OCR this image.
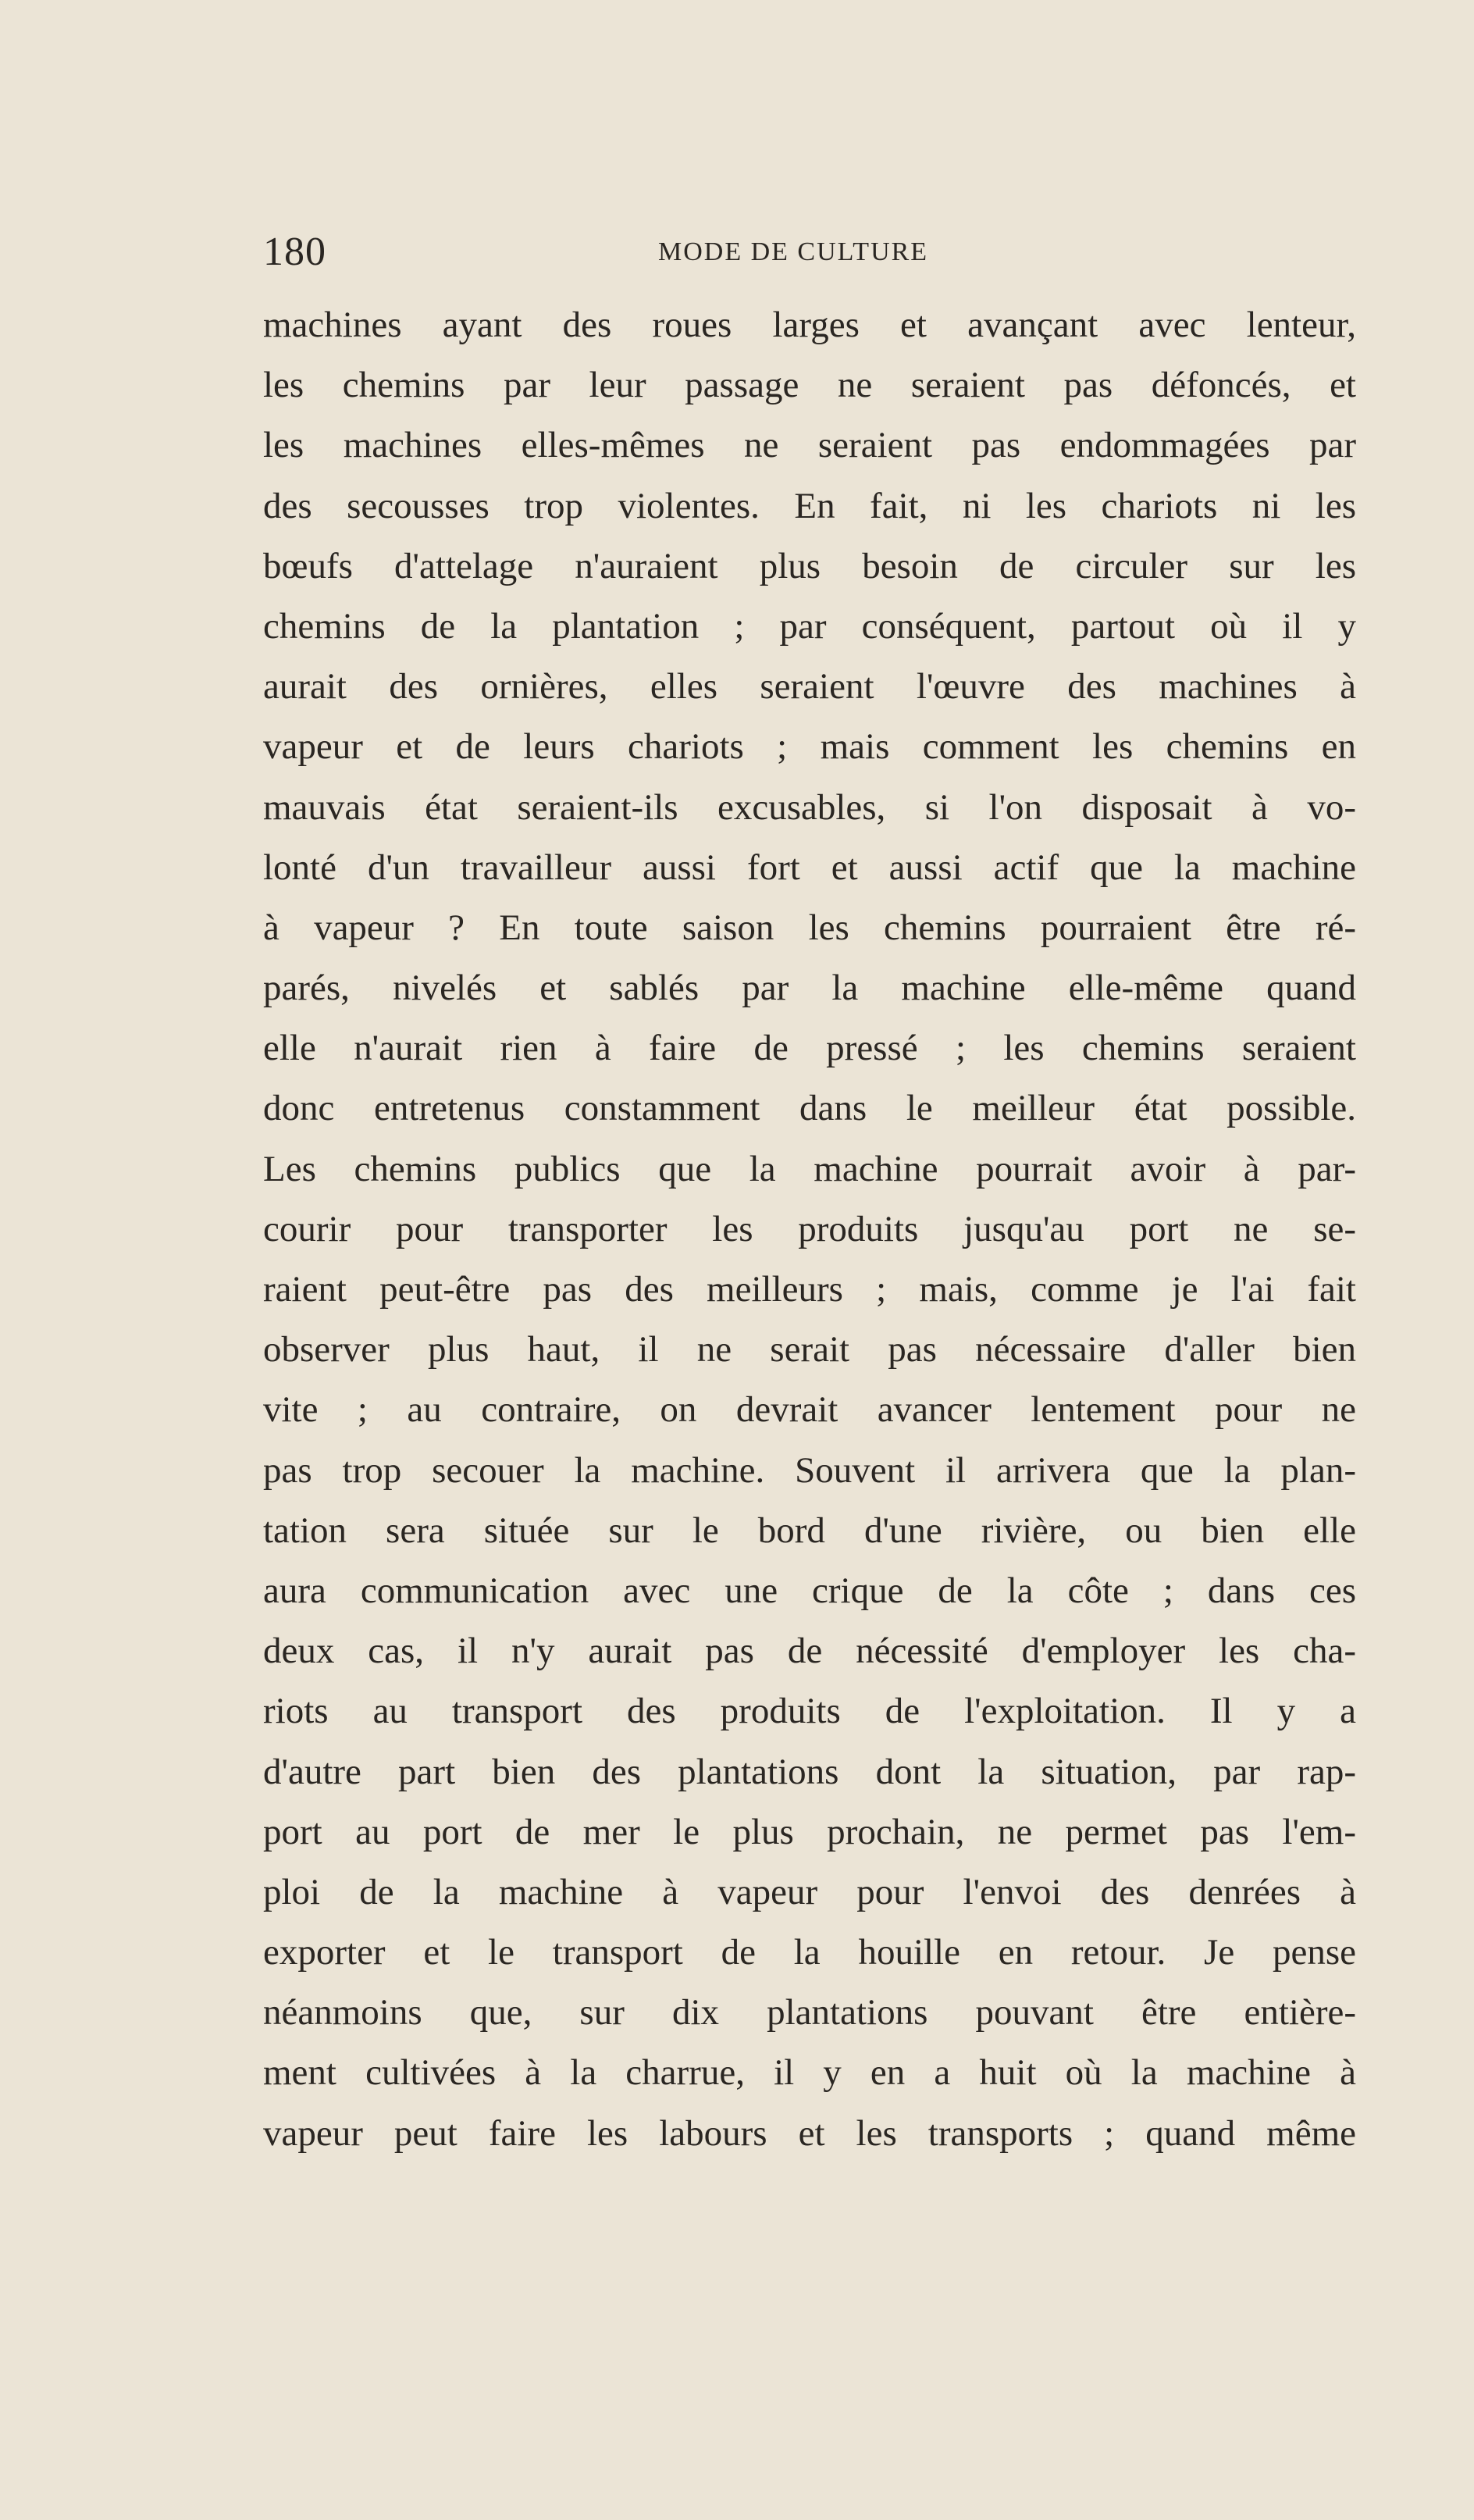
180	MODE DE CULTURE
machines ayant des roues larges et avançant avec lenteur,
les chemins par leur passage ne seraient pas défoncés, et
les machines elles-mêmes ne seraient pas endommagées par
des secousses trop violentes. En fait, ni les chariots ni les
bœufs d'attelage n'auraient plus besoin de circuler sur les
chemins de la plantation ; par conséquent, partout où il y
aurait des ornières, elles seraient l'œuvre des machines à
vapeur et de leurs chariots ; mais comment les chemins en
mauvais état seraient-ils excusables, si l'on disposait à vo-
lonté d'un travailleur aussi fort et aussi actif que la machine
à vapeur ? En toute saison les chemins pourraient être ré-
parés, nivelés et sablés par la machine elle-même quand
elle n'aurait rien à faire de pressé ; les chemins seraient
donc entretenus constamment dans le meilleur état possible.
Les chemins publics que la machine pourrait avoir à par-
courir pour transporter les produits jusqu'au port ne se-
raient peut-être pas des meilleurs ; mais, comme je l'ai fait
observer plus haut, il ne serait pas nécessaire d'aller bien
vite ; au contraire, on devrait avancer lentement pour ne
pas trop secouer la machine. Souvent il arrivera que la plan-
tation sera située sur le bord d'une rivière, ou bien elle
aura communication avec une crique de la côte ; dans ces
deux cas, il n'y aurait pas de nécessité d'employer les cha-
riots au transport des produits de l'exploitation. Il y a
d'autre part bien des plantations dont la situation, par rap-
port au port de mer le plus prochain, ne permet pas l'em-
ploi de la machine à vapeur pour l'envoi des denrées à
exporter et le transport de la houille en retour. Je pense
néanmoins que, sur dix plantations pouvant être entière-
ment cultivées à la charrue, il y en a huit où la machine à
vapeur peut faire les labours et les transports ; quand même
